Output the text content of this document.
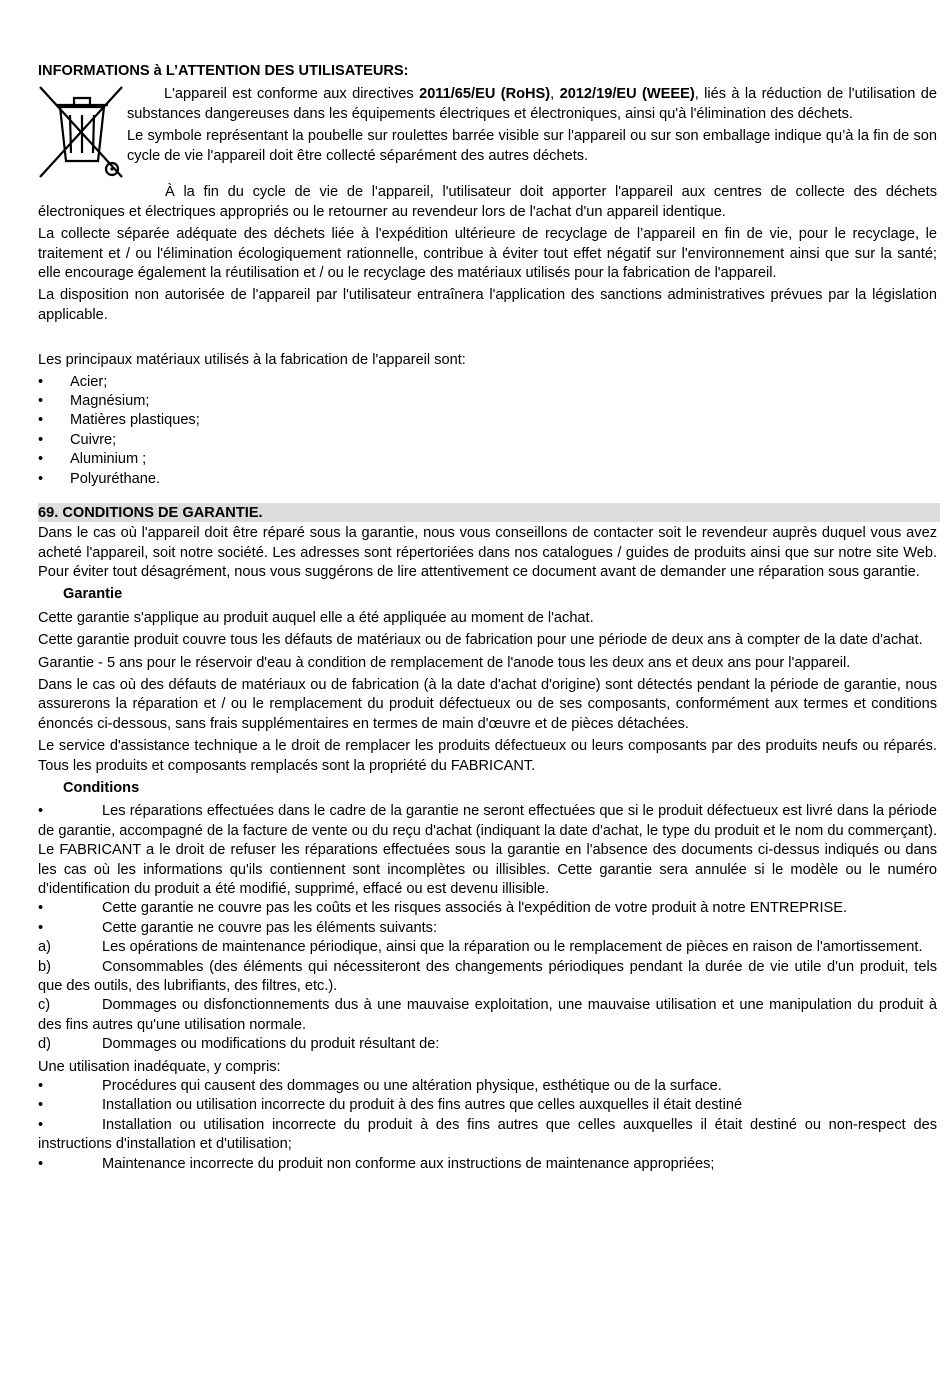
INFORMATIONS à L’ATTENTION DES UTILISATEURS:

L'appareil est conforme aux directives 2011/65/EU (RoHS), 2012/19/EU (WEEE), liés à la réduction de l'utilisation de substances dangereuses dans les équipements électriques et électroniques, ainsi qu'à l'élimination des déchets.

Le symbole représentant la poubelle sur roulettes barrée visible sur l'appareil ou sur son emballage indique qu’à la fin de son cycle de vie l'appareil doit être collecté séparément des autres déchets.

À la fin du cycle de vie de l'appareil, l'utilisateur doit apporter l'appareil aux centres de collecte des déchets électroniques et électriques appropriés ou le retourner au revendeur lors de l'achat d'un appareil identique.

La collecte séparée adéquate des déchets liée à l'expédition ultérieure de recyclage de l’appareil en fin de vie, pour le recyclage, le traitement et / ou l'élimination écologiquement rationnelle, contribue à éviter tout effet négatif sur l'environnement ainsi que sur la santé; elle encourage également la réutilisation et / ou le recyclage des matériaux utilisés pour la fabrication de l'appareil.

La disposition non autorisée de l'appareil par l'utilisateur entraînera l'application des sanctions administratives prévues par la législation applicable.

Les principaux matériaux utilisés à la fabrication de l'appareil sont:

• Acier;
• Magnésium;
• Matières plastiques;
• Cuivre;
• Aluminium ;
• Polyuréthane.
69. CONDITIONS DE GARANTIE.

Dans le cas où l'appareil doit être réparé sous la garantie, nous vous conseillons de contacter soit le revendeur auprès duquel vous avez acheté l'appareil, soit notre société. Les adresses sont répertoriées dans nos catalogues / guides de produits ainsi que sur notre site Web. Pour éviter tout désagrément, nous vous suggérons de lire attentivement ce document avant de demander une réparation sous garantie.

Garantie

Cette garantie s'applique au produit auquel elle a été appliquée au moment de l'achat.

Cette garantie produit couvre tous les défauts de matériaux ou de fabrication pour une période de deux ans à compter de la date d'achat.

Garantie - 5 ans pour le réservoir d'eau à condition de remplacement de l'anode tous les deux ans et deux ans pour l'appareil.

Dans le cas où des défauts de matériaux ou de fabrication (à la date d'achat d'origine) sont détectés pendant la période de garantie, nous assurerons la réparation et / ou le remplacement du produit défectueux ou de ses composants, conformément aux termes et conditions énoncés ci-dessous, sans frais supplémentaires en termes de main d'œuvre et de pièces détachées.

Le service d'assistance technique a le droit de remplacer les produits défectueux ou leurs composants par des produits neufs ou réparés. Tous les produits et composants remplacés sont la propriété du FABRICANT.

Conditions

•	Les réparations effectuées dans le cadre de la garantie ne seront effectuées que si le produit défectueux est livré dans la période de garantie, accompagné de la facture de vente ou du reçu d'achat (indiquant la date d'achat, le type du produit et le nom du commerçant). Le FABRICANT a le droit de refuser les réparations effectuées sous la garantie en l'absence des documents ci-dessus indiqués ou dans les cas où les informations qu'ils contiennent sont incomplètes ou illisibles. Cette garantie sera annulée si le modèle ou le numéro d'identification du produit a été modifié, supprimé, effacé ou est devenu illisible.

•	Cette garantie ne couvre pas les coûts et les risques associés à l'expédition de votre produit à notre ENTREPRISE.

•	Cette garantie ne couvre pas les éléments suivants:

a)	Les opérations de maintenance périodique, ainsi que la réparation ou le remplacement de pièces en raison de l'amortissement.

b)	Consommables (des éléments qui nécessiteront des changements périodiques pendant la durée de vie utile d'un produit, tels que des outils, des lubrifiants, des filtres, etc.).

c)	Dommages ou disfonctionnements dus à une mauvaise exploitation, une mauvaise utilisation et une manipulation du produit à des fins autres qu'une utilisation normale.

d)	Dommages ou modifications du produit résultant de:

Une utilisation inadéquate, y compris:

•	Procédures qui causent des dommages ou une altération physique, esthétique ou de la surface.

•	Installation ou utilisation incorrecte du produit à des fins autres que celles auxquelles il était destiné

•	Installation ou utilisation incorrecte du produit à des fins autres que celles auxquelles il était destiné ou non-respect des instructions d'installation et d'utilisation;

•	Maintenance incorrecte du produit non conforme aux instructions de maintenance appropriées;
